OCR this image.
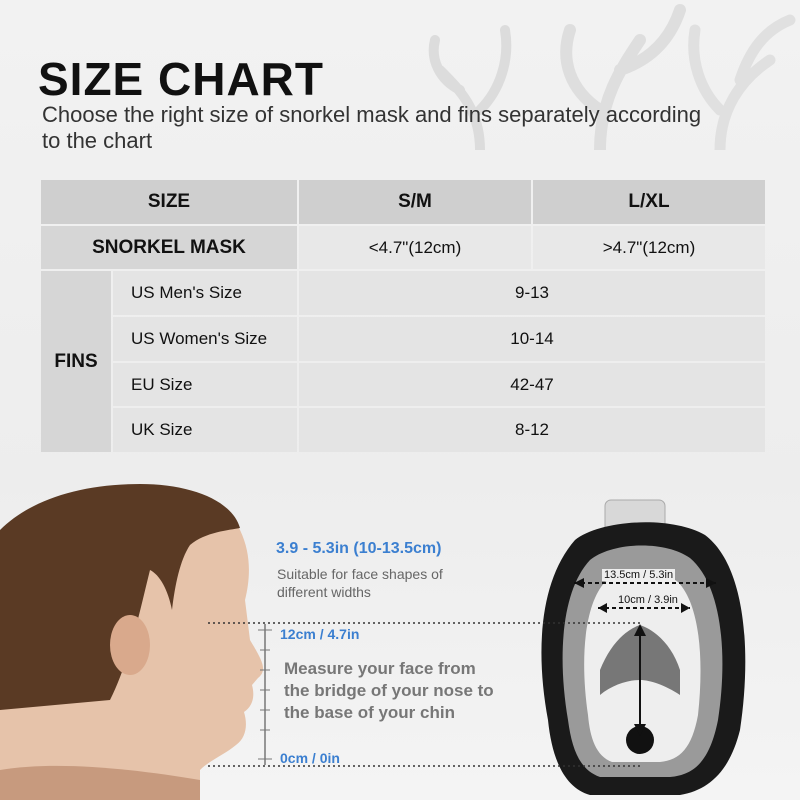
SIZE CHART

Choose the right size of snorkel mask and fins separately according to the chart

SIZE	S/M	L/XL
SNORKEL MASK	<4.7"(12cm)	>4.7"(12cm)
FINS
US Men's Size	9-13
US Women's Size	10-14
EU Size	42-47
UK Size	8-12
3.9 - 5.3in (10-13.5cm)
Suitable for face shapes of
different widths
12cm / 4.7in
Measure your face from
the bridge of your nose to
the base of your chin
0cm / 0in
13.5cm / 5.3in
10cm / 3.9in
